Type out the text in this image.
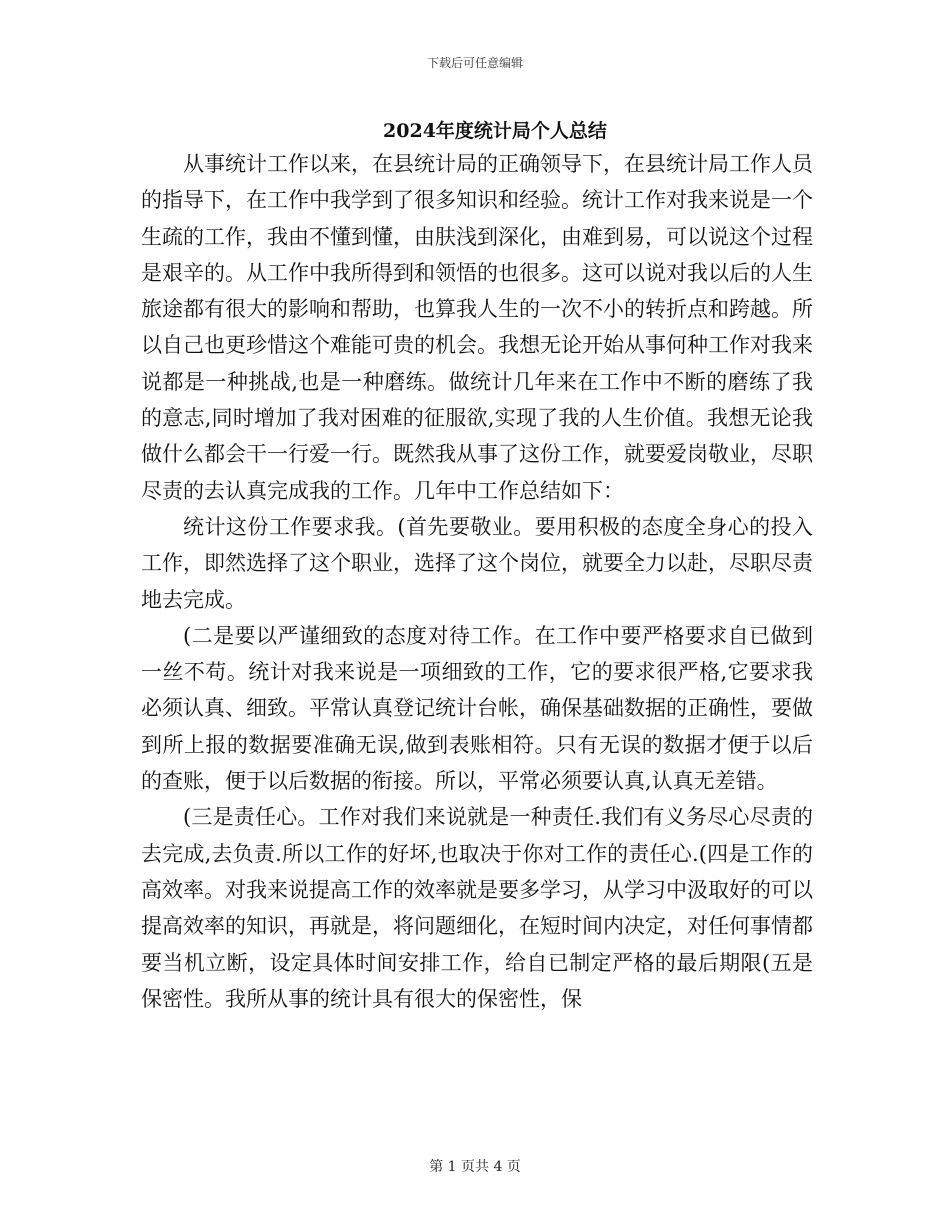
下载后可任意编辑
2024年度统计局个人总结

从事统计工作以来，在县统计局的正确领导下，在县统计局工作人员的指导下，在工作中我学到了很多知识和经验。统计工作对我来说是一个生疏的工作，我由不懂到懂，由肤浅到深化，由难到易，可以说这个过程是艰辛的。从工作中我所得到和领悟的也很多。这可以说对我以后的人生旅途都有很大的影响和帮助，也算我人生的一次不小的转折点和跨越。所以自己也更珍惜这个难能可贵的机会。我想无论开始从事何种工作对我来说都是一种挑战,也是一种磨练。做统计几年来在工作中不断的磨练了我的意志,同时增加了我对困难的征服欲,实现了我的人生价值。我想无论我做什么都会干一行爱一行。既然我从事了这份工作，就要爱岗敬业，尽职尽责的去认真完成我的工作。几年中工作总结如下：

统计这份工作要求我。(首先要敬业。要用积极的态度全身心的投入工作，即然选择了这个职业，选择了这个岗位，就要全力以赴，尽职尽责地去完成。

(二是要以严谨细致的态度对待工作。在工作中要严格要求自已做到一丝不苟。统计对我来说是一项细致的工作，它的要求很严格,它要求我必须认真、细致。平常认真登记统计台帐，确保基础数据的正确性，要做到所上报的数据要准确无误,做到表账相符。只有无误的数据才便于以后的查账，便于以后数据的衔接。所以，平常必须要认真,认真无差错。

(三是责任心。工作对我们来说就是一种责任.我们有义务尽心尽责的去完成,去负责.所以工作的好坏,也取决于你对工作的责任心.(四是工作的高效率。对我来说提高工作的效率就是要多学习，从学习中汲取好的可以提高效率的知识，再就是，将问题细化，在短时间内决定，对任何事情都要当机立断，设定具体时间安排工作，给自已制定严格的最后期限(五是保密性。我所从事的统计具有很大的保密性，保

第 1 页共 4 页
